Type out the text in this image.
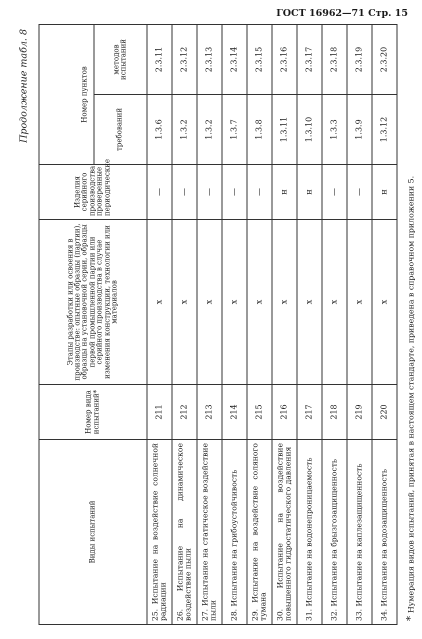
ГОСТ 16962—71 Стр. 15
Продолжение табл. 8
Виды испытаний	Номер вида испытаний*	Этапы разработки или освоения в производстве: опытные образцы (партии), образцы на установочной серии, образцы первой промышленной партии или серийного производства в случае изменения конструкции, технологии или материалов	Изделия серийного производства проверенные периодические		
				Номер пунктов	
				требований	методов испытаний
25. Испытание на воздействие солнечной радиации	211	х	—	1.3.6	2.3.11
26. Испытание на динамическое воздействие пыли	212	х	—	1.3.2	2.3.12
27. Испытание на статическое воздействие пыли	213	х	—	1.3.2	2.3.13
28. Испытание на грибоустойчивость	214	х	—	1.3.7	2.3.14
29. Испытание на воздействие соляного тумана	215	х	—	1.3.8	2.3.15
30. Испытание на воздействие повышенного гидростатического давления	216	х	н	1.3.11	2.3.16
31. Испытание на водонепроницаемость	217	х	н	1.3.10	2.3.17
32. Испытание на брызгозащищенность	218	х	—	1.3.3	2.3.18
33. Испытание на каплезащищенность	219	х	—	1.3.9	2.3.19
34. Испытание на водозащищенность	220	х	н	1.3.12	2.3.20
*Нумерация видов испытаний, принятая в настоящем стандарте, приведена в справочном приложении 5.
